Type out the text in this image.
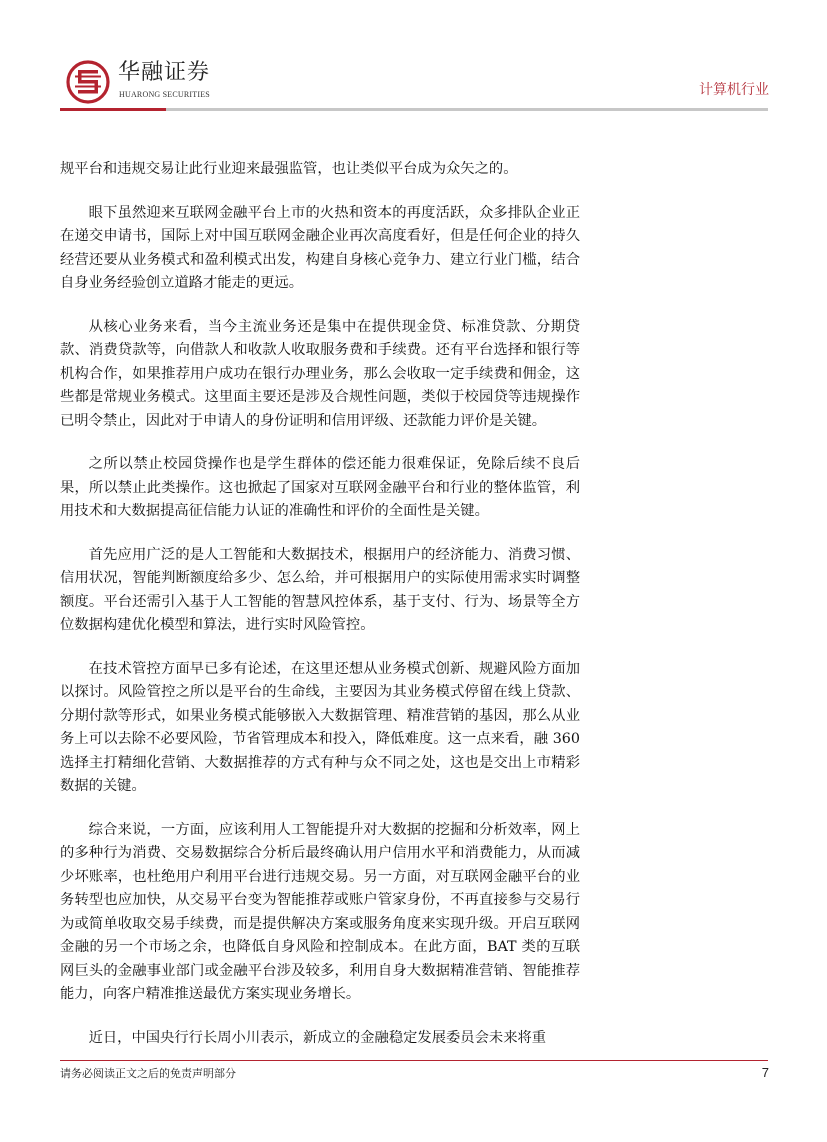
华融证券
HUARONG SECURITIES	计算机行业

规平台和违规交易让此行业迎来最强监管，也让类似平台成为众矢之的。

眼下虽然迎来互联网金融平台上市的火热和资本的再度活跃，众多排队企业正在递交申请书，国际上对中国互联网金融企业再次高度看好，但是任何企业的持久经营还要从业务模式和盈利模式出发，构建自身核心竞争力、建立行业门槛，结合自身业务经验创立道路才能走的更远。

从核心业务来看，当今主流业务还是集中在提供现金贷、标准贷款、分期贷款、消费贷款等，向借款人和收款人收取服务费和手续费。还有平台选择和银行等机构合作，如果推荐用户成功在银行办理业务，那么会收取一定手续费和佣金，这些都是常规业务模式。这里面主要还是涉及合规性问题，类似于校园贷等违规操作已明令禁止，因此对于申请人的身份证明和信用评级、还款能力评价是关键。

之所以禁止校园贷操作也是学生群体的偿还能力很难保证，免除后续不良后果，所以禁止此类操作。这也掀起了国家对互联网金融平台和行业的整体监管，利用技术和大数据提高征信能力认证的准确性和评价的全面性是关键。

首先应用广泛的是人工智能和大数据技术，根据用户的经济能力、消费习惯、信用状况，智能判断额度给多少、怎么给，并可根据用户的实际使用需求实时调整额度。平台还需引入基于人工智能的智慧风控体系，基于支付、行为、场景等全方位数据构建优化模型和算法，进行实时风险管控。

在技术管控方面早已多有论述，在这里还想从业务模式创新、规避风险方面加以探讨。风险管控之所以是平台的生命线，主要因为其业务模式停留在线上贷款、分期付款等形式，如果业务模式能够嵌入大数据管理、精准营销的基因，那么从业务上可以去除不必要风险，节省管理成本和投入，降低难度。这一点来看，融 360 选择主打精细化营销、大数据推荐的方式有种与众不同之处，这也是交出上市精彩数据的关键。

综合来说，一方面，应该利用人工智能提升对大数据的挖掘和分析效率，网上的多种行为消费、交易数据综合分析后最终确认用户信用水平和消费能力，从而减少坏账率，也杜绝用户利用平台进行违规交易。另一方面，对互联网金融平台的业务转型也应加快，从交易平台变为智能推荐或账户管家身份，不再直接参与交易行为或简单收取交易手续费，而是提供解决方案或服务角度来实现升级。开启互联网金融的另一个市场之余，也降低自身风险和控制成本。在此方面，BAT 类的互联网巨头的金融事业部门或金融平台涉及较多，利用自身大数据精准营销、智能推荐能力，向客户精准推送最优方案实现业务增长。

近日，中国央行行长周小川表示，新成立的金融稳定发展委员会未来将重

请务必阅读正文之后的免责声明部分	7
